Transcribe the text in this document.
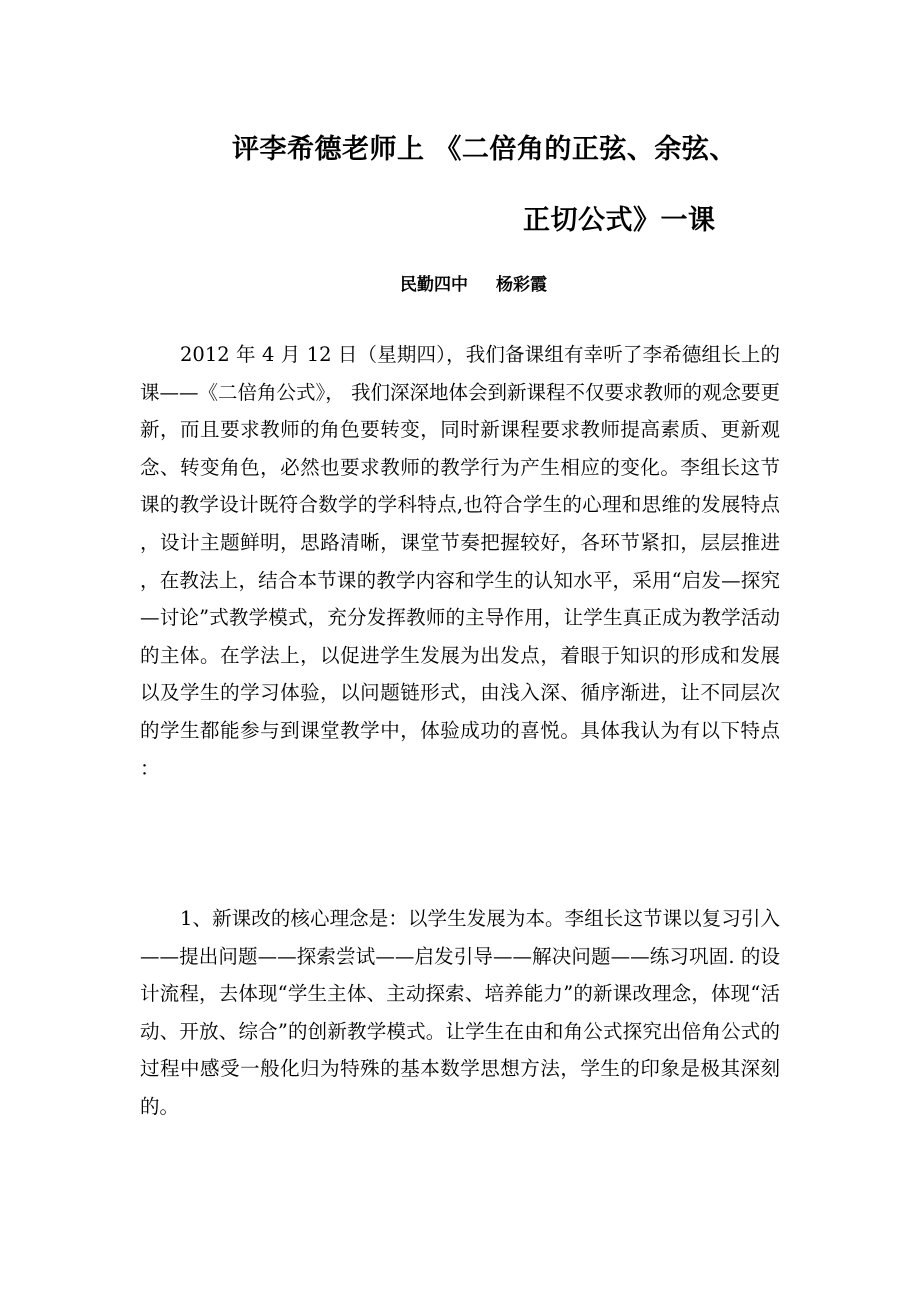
评李希德老师上 《二倍角的正弦、余弦、
正切公式》一课

民勤四中 杨彩霞

2012 年 4 月 12 日（星期四），我们备课组有幸听了李希德组长上的课——《二倍角公式》， 我们深深地体会到新课程不仅要求教师的观念要更新，而且要求教师的角色要转变，同时新课程要求教师提高素质、更新观念、转变角色，必然也要求教师的教学行为产生相应的变化。李组长这节课的教学设计既符合数学的学科特点,也符合学生的心理和思维的发展特点，设计主题鲜明，思路清晰，课堂节奏把握较好，各环节紧扣，层层推进，在教法上，结合本节课的教学内容和学生的认知水平，采用“启发—探究—讨论”式教学模式，充分发挥教师的主导作用，让学生真正成为教学活动的主体。在学法上，以促进学生发展为出发点，着眼于知识的形成和发展以及学生的学习体验，以问题链形式，由浅入深、循序渐进，让不同层次的学生都能参与到课堂教学中，体验成功的喜悦。具体我认为有以下特点：

1、新课改的核心理念是：以学生发展为本。李组长这节课以复习引入——提出问题——探索尝试——启发引导——解决问题——练习巩固. 的设计流程，去体现“学生主体、主动探索、培养能力”的新课改理念，体现“活动、开放、综合”的创新教学模式。让学生在由和角公式探究出倍角公式的过程中感受一般化归为特殊的基本数学思想方法，学生的印象是极其深刻的。
